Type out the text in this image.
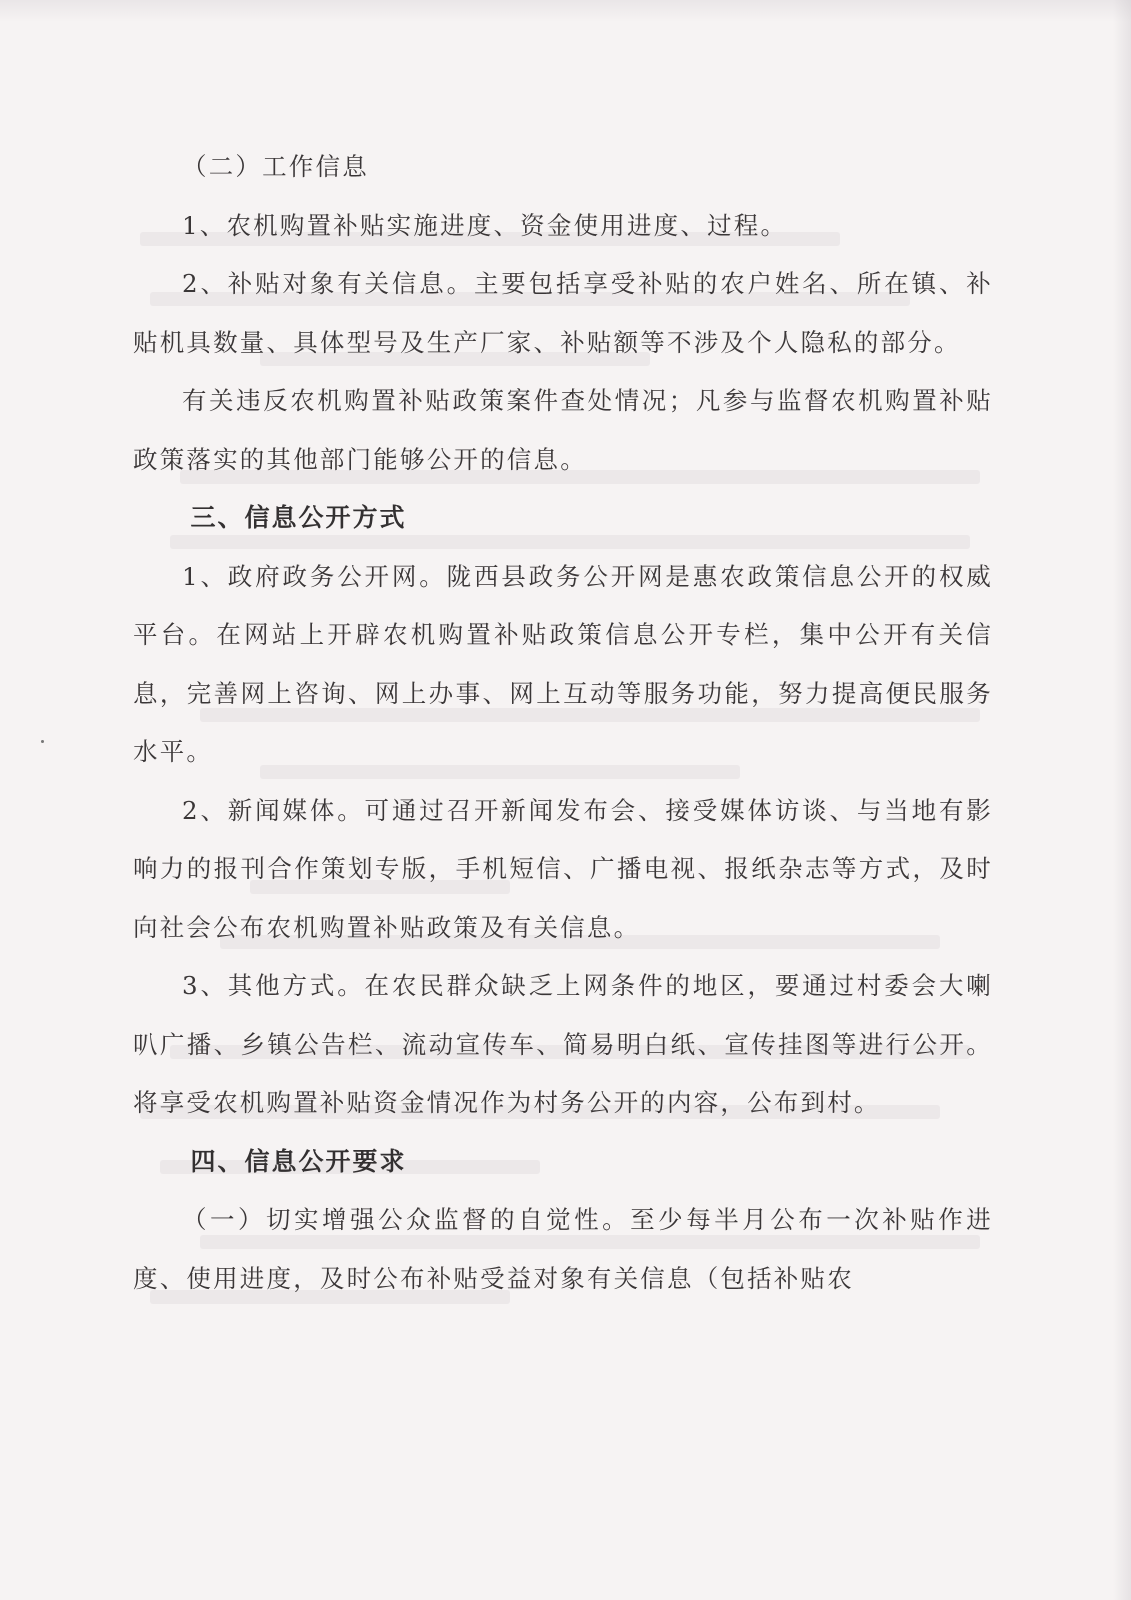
（二）工作信息

1、农机购置补贴实施进度、资金使用进度、过程。

2、补贴对象有关信息。主要包括享受补贴的农户姓名、所在镇、补贴机具数量、具体型号及生产厂家、补贴额等不涉及个人隐私的部分。

有关违反农机购置补贴政策案件查处情况；凡参与监督农机购置补贴政策落实的其他部门能够公开的信息。

三、信息公开方式

1、政府政务公开网。陇西县政务公开网是惠农政策信息公开的权威平台。在网站上开辟农机购置补贴政策信息公开专栏，集中公开有关信息，完善网上咨询、网上办事、网上互动等服务功能，努力提高便民服务水平。

2、新闻媒体。可通过召开新闻发布会、接受媒体访谈、与当地有影响力的报刊合作策划专版，手机短信、广播电视、报纸杂志等方式，及时向社会公布农机购置补贴政策及有关信息。

3、其他方式。在农民群众缺乏上网条件的地区，要通过村委会大喇叭广播、乡镇公告栏、流动宣传车、简易明白纸、宣传挂图等进行公开。将享受农机购置补贴资金情况作为村务公开的内容，公布到村。

四、信息公开要求

（一）切实增强公众监督的自觉性。至少每半月公布一次补贴作进度、使用进度，及时公布补贴受益对象有关信息（包括补贴农
